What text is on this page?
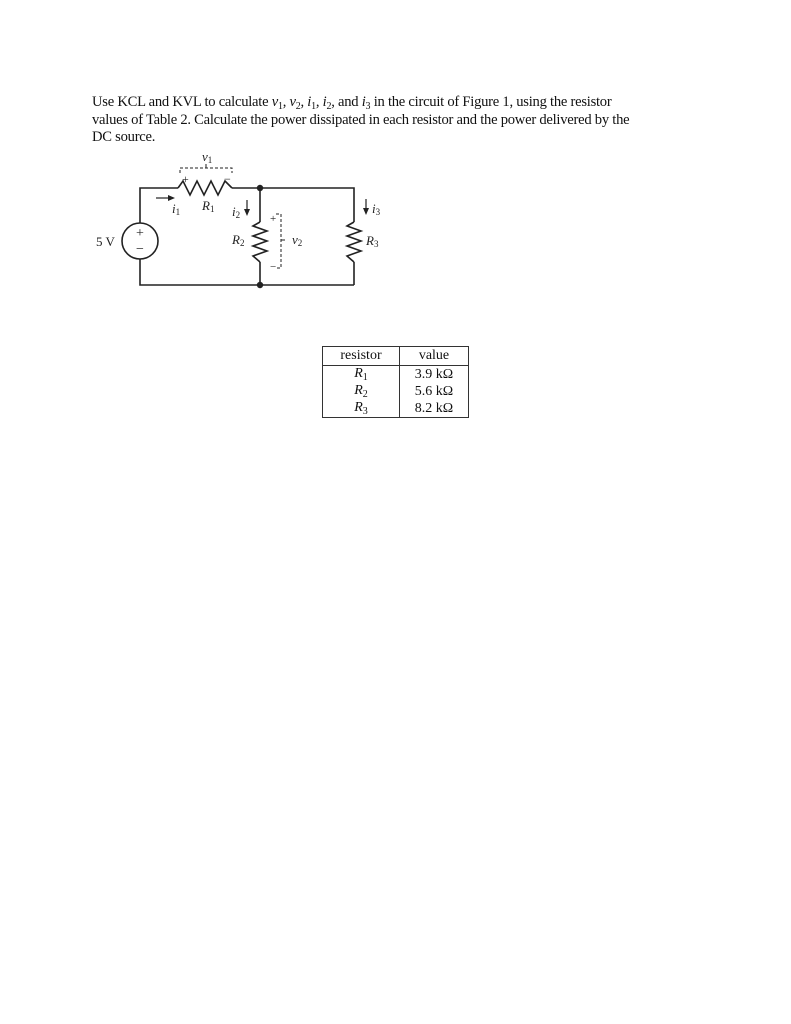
Use KCL and KVL to calculate $v_1$, $v_2$, $i_1$, $i_2$, and $i_3$ in the circuit of Figure 1, using the resistor
values of Table 2. Calculate the power dissipated in each resistor and the power delivered by the
DC source.
5 V
+
−
v1
+	−
i1 R1 i2
R2	v2
+
−
i3
R3
resistor	value
$R_1$	3.9 kΩ
$R_2$	5.6 kΩ
$R_3$	8.2 kΩ
